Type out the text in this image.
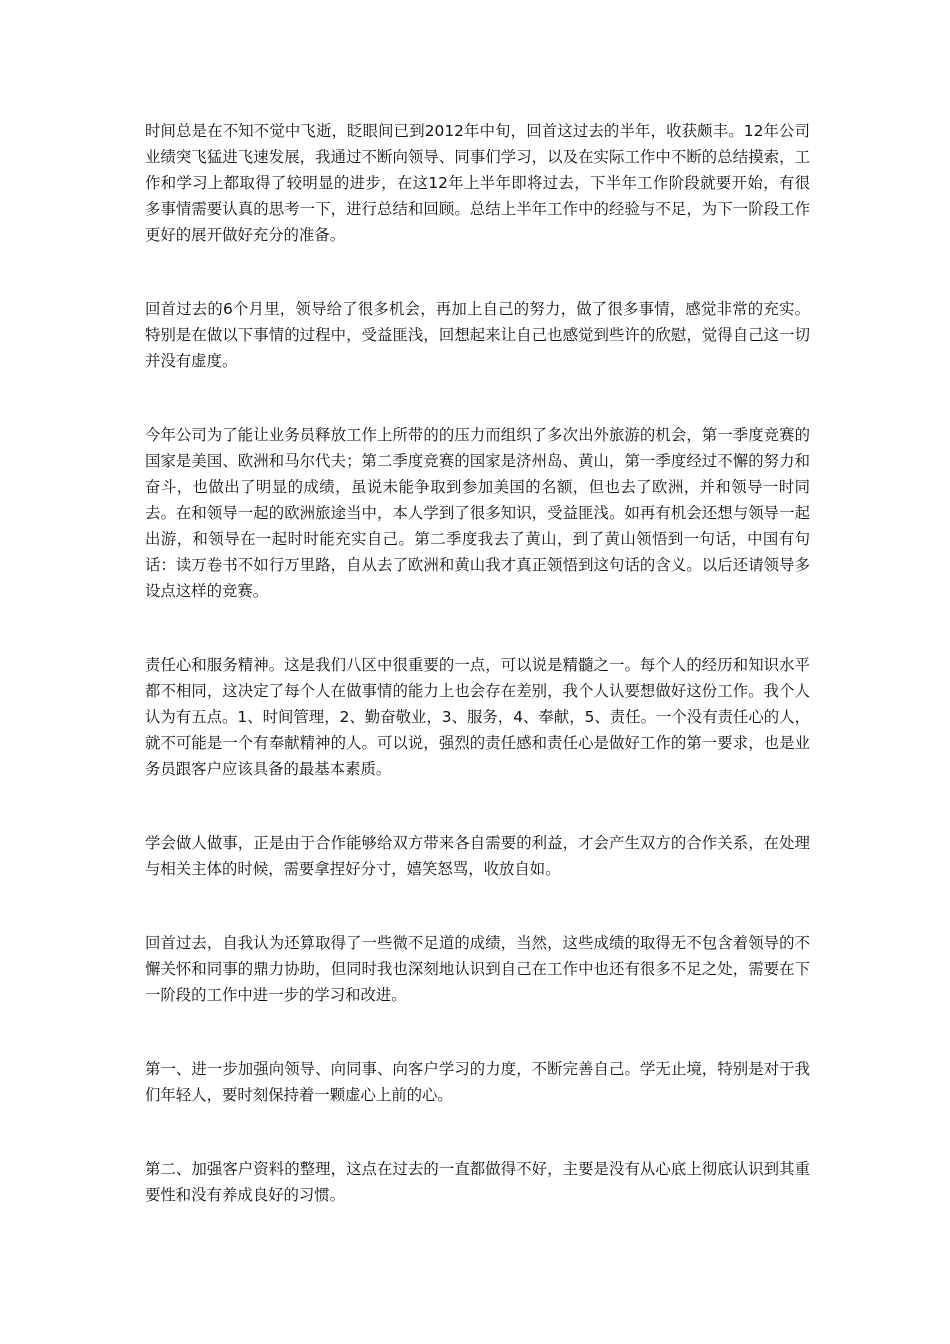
时间总是在不知不觉中飞逝，眨眼间已到2012年中旬，回首这过去的半年，收获颇丰。12年公司业绩突飞猛进飞速发展，我通过不断向领导、同事们学习，以及在实际工作中不断的总结摸索，工作和学习上都取得了较明显的进步，在这12年上半年即将过去，下半年工作阶段就要开始，有很多事情需要认真的思考一下，进行总结和回顾。总结上半年工作中的经验与不足，为下一阶段工作更好的展开做好充分的准备。

回首过去的6个月里，领导给了很多机会，再加上自己的努力，做了很多事情，感觉非常的充实。特别是在做以下事情的过程中，受益匪浅，回想起来让自己也感觉到些许的欣慰，觉得自己这一切并没有虚度。

今年公司为了能让业务员释放工作上所带的的压力而组织了多次出外旅游的机会，第一季度竞赛的国家是美国、欧洲和马尔代夫；第二季度竞赛的国家是济州岛、黄山，第一季度经过不懈的努力和奋斗，也做出了明显的成绩，虽说未能争取到参加美国的名额，但也去了欧洲，并和领导一时同去。在和领导一起的欧洲旅途当中，本人学到了很多知识，受益匪浅。如再有机会还想与领导一起出游，和领导在一起时时能充实自己。第二季度我去了黄山，到了黄山领悟到一句话，中国有句话：读万卷书不如行万里路，自从去了欧洲和黄山我才真正领悟到这句话的含义。以后还请领导多设点这样的竞赛。

责任心和服务精神。这是我们八区中很重要的一点，可以说是精髓之一。每个人的经历和知识水平都不相同，这决定了每个人在做事情的能力上也会存在差别，我个人认要想做好这份工作。我个人认为有五点。1、时间管理，2、勤奋敬业，3、服务，4、奉献，5、责任。一个没有责任心的人，就不可能是一个有奉献精神的人。可以说，强烈的责任感和责任心是做好工作的第一要求，也是业务员跟客户应该具备的最基本素质。

学会做人做事，正是由于合作能够给双方带来各自需要的利益，才会产生双方的合作关系，在处理与相关主体的时候，需要拿捏好分寸，嬉笑怒骂，收放自如。

回首过去，自我认为还算取得了一些微不足道的成绩，当然，这些成绩的取得无不包含着领导的不懈关怀和同事的鼎力协助，但同时我也深刻地认识到自己在工作中也还有很多不足之处，需要在下一阶段的工作中进一步的学习和改进。

第一、进一步加强向领导、向同事、向客户学习的力度，不断完善自己。学无止境，特别是对于我们年轻人，要时刻保持着一颗虚心上前的心。

第二、加强客户资料的整理，这点在过去的一直都做得不好，主要是没有从心底上彻底认识到其重要性和没有养成良好的习惯。
